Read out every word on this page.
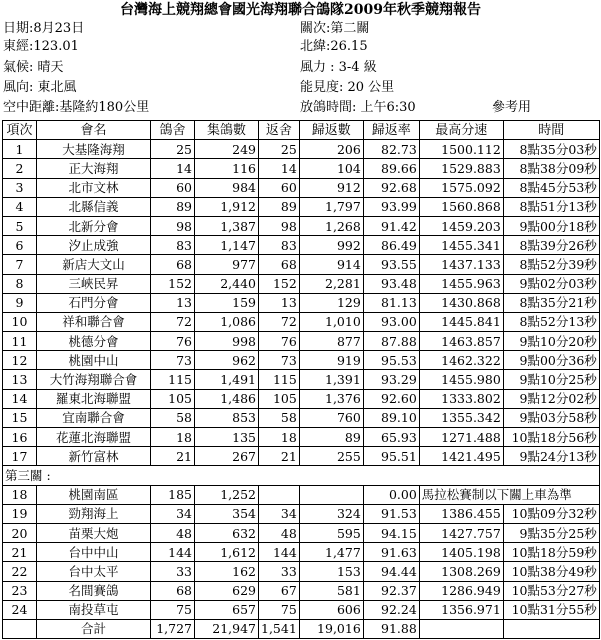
台灣海上競翔總會國光海翔聯合鴿隊2009年秋季競翔報告
日期:8月23日	關次:第二關
東經:123.01	北緯:26.15
氣候: 晴天	風力 : 3-4 級
風向: 東北風	能見度: 20 公里
空中距離:基隆約180公里	放鴿時間: 上午6:30	參考用
項次	會名	鴿舍	集鴿數	返舍	歸返數	歸返率	最高分速	時間
1	大基隆海翔	25	249	25	206	82.73	1500.112	8點35分03秒
2	正大海翔	14	116	14	104	89.66	1529.883	8點38分09秒
3	北市文林	60	984	60	912	92.68	1575.092	8點45分53秒
4	北縣信義	89	1,912	89	1,797	93.99	1560.868	8點51分13秒
5	北新分會	98	1,387	98	1,268	91.42	1459.203	9點00分18秒
6	汐止成強	83	1,147	83	992	86.49	1455.341	8點39分26秒
7	新店大文山	68	977	68	914	93.55	1437.133	8點52分39秒
8	三峽民昇	152	2,440	152	2,281	93.48	1455.963	9點02分03秒
9	石門分會	13	159	13	129	81.13	1430.868	8點35分21秒
10	祥和聯合會	72	1,086	72	1,010	93.00	1445.841	8點52分13秒
11	桃德分會	76	998	76	877	87.88	1463.857	9點10分20秒
12	桃園中山	73	962	73	919	95.53	1462.322	9點00分36秒
13	大竹海翔聯合會	115	1,491	115	1,391	93.29	1455.980	9點10分25秒
14	羅東北海聯盟	105	1,486	105	1,376	92.60	1333.802	9點12分02秒
15	宜南聯合會	58	853	58	760	89.10	1355.342	9點03分58秒
16	花蓮北海聯盟	18	135	18	89	65.93	1271.488	10點18分56秒
17	新竹富林	21	267	21	255	95.51	1421.495	9點24分13秒
第三關 :								
18	桃園南區	185	1,252			0.00	馬拉松賽制以下關上車為準	
19	勁翔海上	34	354	34	324	91.53	1386.455	10點09分32秒
20	苗栗大炮	48	632	48	595	94.15	1427.757	9點35分25秒
21	台中中山	144	1,612	144	1,477	91.63	1405.198	10點18分59秒
22	台中太平	33	162	33	153	94.44	1308.269	10點38分49秒
23	名間賽鴿	68	629	67	581	92.37	1286.949	10點53分27秒
24	南投草屯	75	657	75	606	92.24	1356.971	10點31分55秒
	合計	1,727	21,947	1,541	19,016	91.88		
